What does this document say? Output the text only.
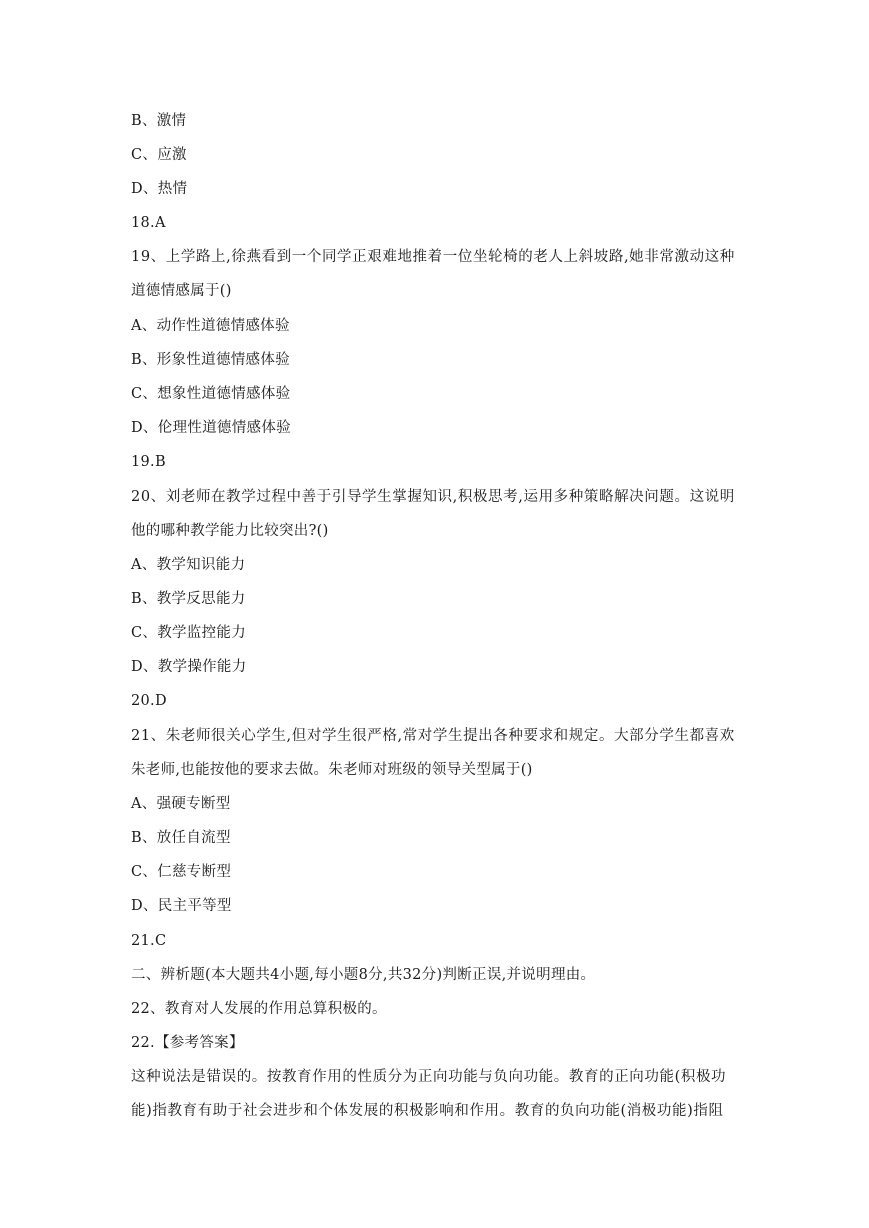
B、激情
C、应激
D、热情
18.A
19、上学路上,徐燕看到一个同学正艰难地推着一位坐轮椅的老人上斜坡路,她非常激动这种
道德情感属于()
A、动作性道德情感体验
B、形象性道德情感体验
C、想象性道德情感体验
D、伦理性道德情感体验
19.B
20、刘老师在教学过程中善于引导学生掌握知识,积极思考,运用多种策略解决问题。这说明
他的哪种教学能力比较突出?()
A、教学知识能力
B、教学反思能力
C、教学监控能力
D、教学操作能力
20.D
21、朱老师很关心学生,但对学生很严格,常对学生提出各种要求和规定。大部分学生都喜欢
朱老师,也能按他的要求去做。朱老师对班级的领导关型属于()
A、强硬专断型
B、放任自流型
C、仁慈专断型
D、民主平等型
21.C
二、辨析题(本大题共4小题,每小题8分,共32分)判断正误,并说明理由。
22、教育对人发展的作用总算积极的。
22.【参考答案】
这种说法是错误的。按教育作用的性质分为正向功能与负向功能。教育的正向功能(积极功
能)指教育有助于社会进步和个体发展的积极影响和作用。教育的负向功能(消极功能)指阻
